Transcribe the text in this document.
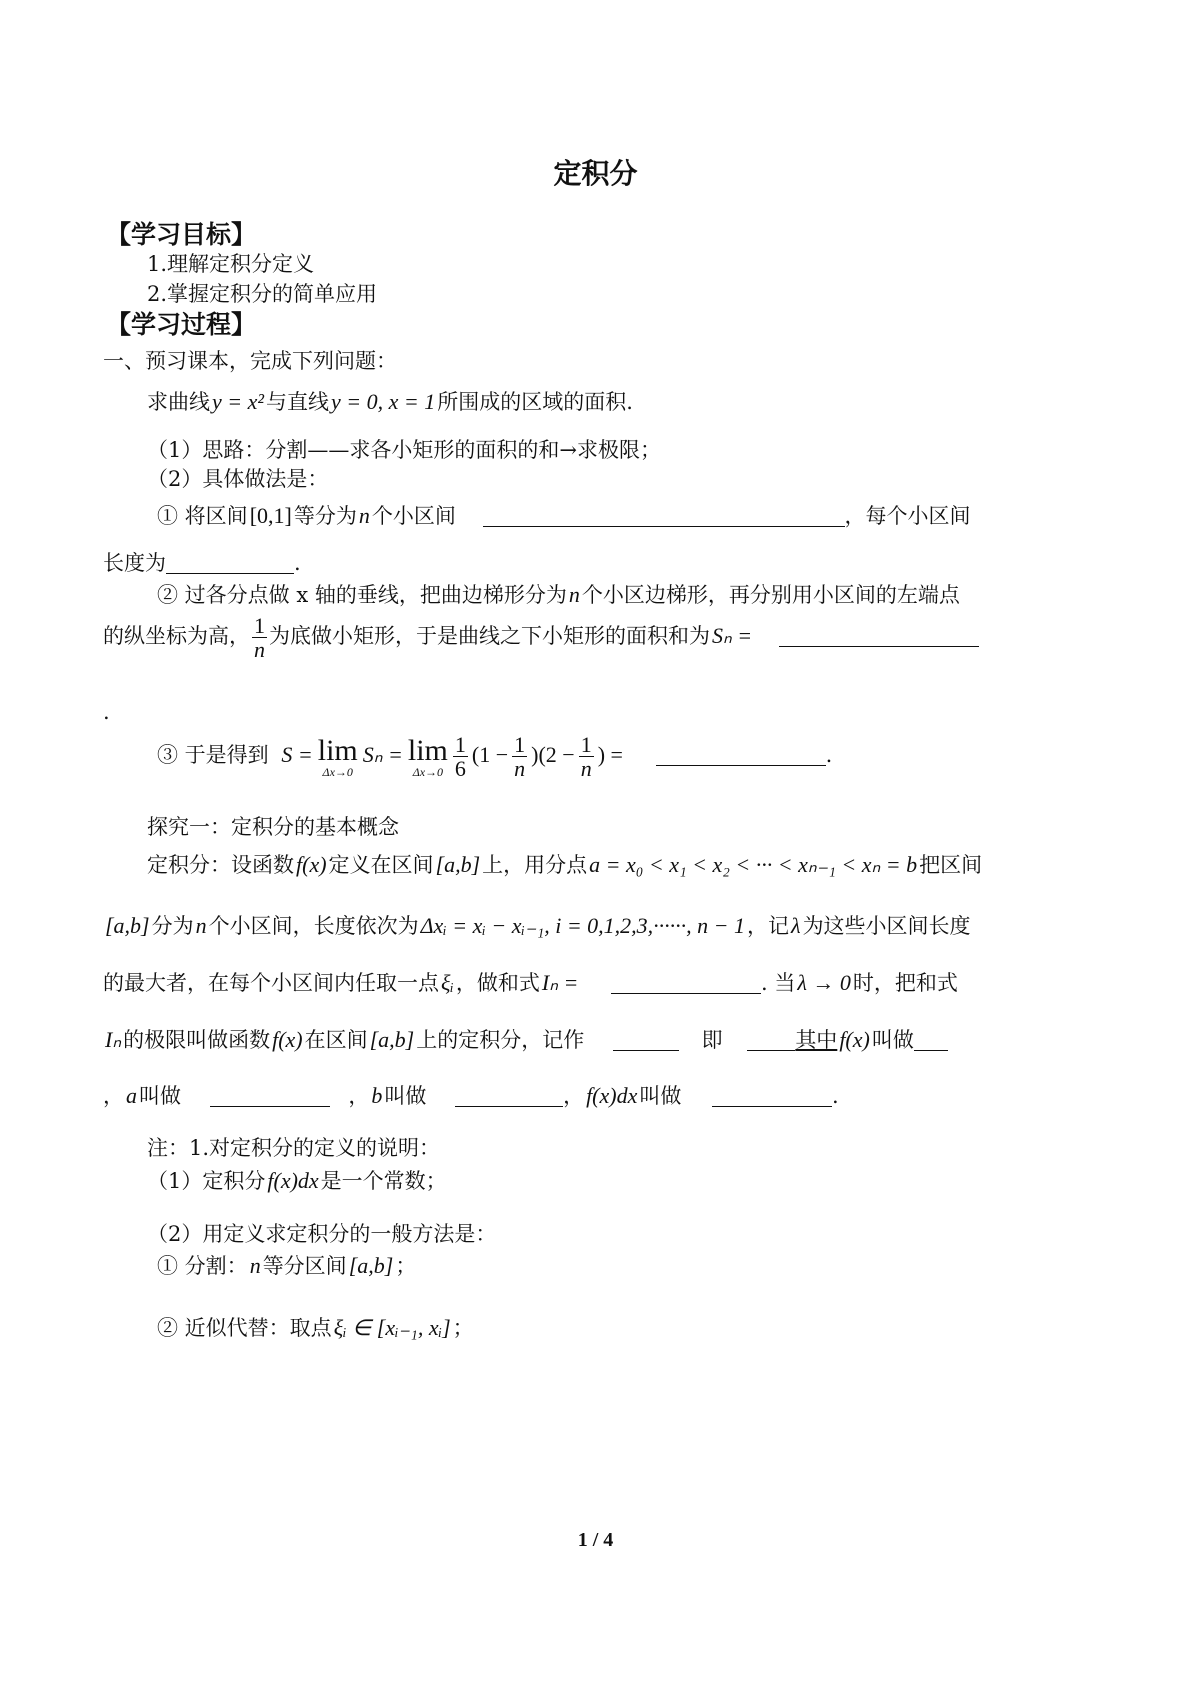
定积分
【学习目标】
1.理解定积分定义
2.掌握定积分的简单应用
【学习过程】
一、预习课本，完成下列问题：
求曲线y = x²与直线y = 0, x = 1所围成的区域的面积.
（1）思路：分割——求各小矩形的面积的和→求极限；
（2）具体做法是：
① 将区间[0,1]等分为n个小区间	，每个小区间
长度为	.
② 过各分点做 x 轴的垂线，把曲边梯形分为n个小区边梯形，再分别用小区间的左端点
的纵坐标为高， $\frac{1}{n}$ 为底做小矩形，于是曲线之下小矩形的面积和为Sₙ =
.
③ 于是得到 S = lim
Δx→0
Sₙ = lim
$\Delta x\to 0 \frac{1}{6} (1 - \frac{1}{n} )(2 - \frac{1}{n}$ ) =	.
探究一：定积分的基本概念
定积分：设函数f(x)定义在区间[a,b]上，用分点a = x₀ < x₁ < x₂ < ··· < xₙ₋₁ < xₙ = b把区间
[a,b]分为n个小区间，长度依次为Δxᵢ = xᵢ − xᵢ₋₁, i = 0,1,2,3,······, n − 1，记λ为这些小区间长度
的最大者，在每个小区间内任取一点ξᵢ，做和式Iₙ =	. 当λ → 0时，把和式
Iₙ的极限叫做函数f(x)在区间[a,b]上的定积分，记作	即	其中f(x)叫做
，a叫做	，b叫做	，f(x)dx叫做	.
注：1.对定积分的定义的说明：
（1）定积分f(x)dx是一个常数；
（2）用定义求定积分的一般方法是：
① 分割：n等分区间[a,b]；
② 近似代替：取点ξᵢ ∈ [xᵢ₋₁, xᵢ]；
1 / 4
